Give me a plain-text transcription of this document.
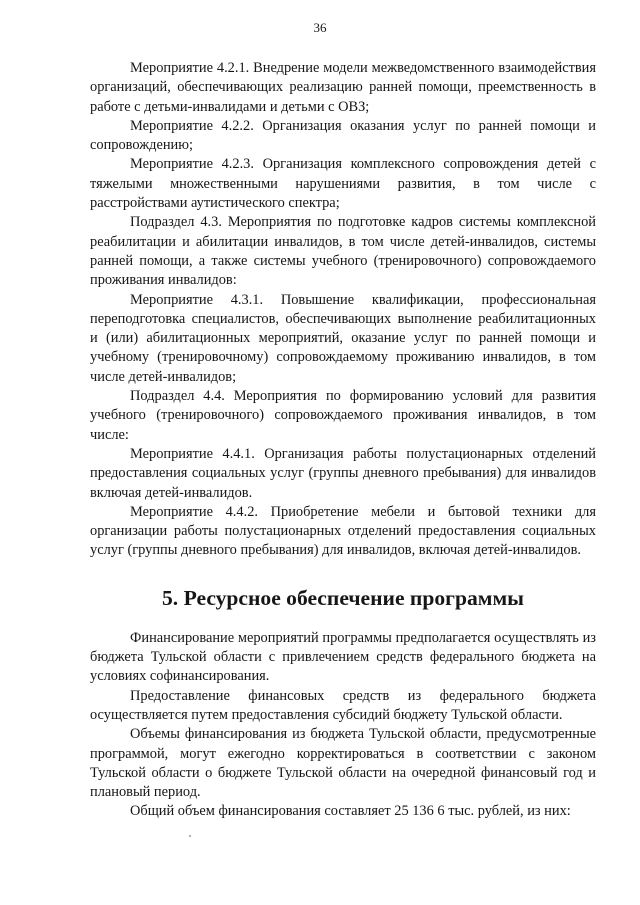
36

Мероприятие 4.2.1. Внедрение модели межведомственного взаимодействия организаций, обеспечивающих реализацию ранней помощи, преемственность в работе с детьми-инвалидами и детьми с ОВЗ;

Мероприятие 4.2.2. Организация оказания услуг по ранней помощи и сопровождению;

Мероприятие 4.2.3. Организация комплексного сопровождения детей с тяжелыми множественными нарушениями развития, в том числе с расстройствами аутистического спектра;

Подраздел 4.3. Мероприятия по подготовке кадров системы комплексной реабилитации и абилитации инвалидов, в том числе детей-инвалидов, системы ранней помощи, а также системы учебного (тренировочного) сопровождаемого проживания инвалидов:

Мероприятие 4.3.1. Повышение квалификации, профессиональная переподготовка специалистов, обеспечивающих выполнение реабилитационных и (или) абилитационных мероприятий, оказание услуг по ранней помощи и учебному (тренировочному) сопровождаемому проживанию инвалидов, в том числе детей-инвалидов;

Подраздел 4.4. Мероприятия по формированию условий для развития учебного (тренировочного) сопровождаемого проживания инвалидов, в том числе:

Мероприятие 4.4.1. Организация работы полустационарных отделений предоставления социальных услуг (группы дневного пребывания) для инвалидов включая детей-инвалидов.

Мероприятие 4.4.2. Приобретение мебели и бытовой техники для организации работы полустационарных отделений предоставления социальных услуг (группы дневного пребывания) для инвалидов, включая детей-инвалидов.

5. Ресурсное обеспечение программы

Финансирование мероприятий программы предполагается осуществлять из бюджета Тульской области с привлечением средств федерального бюджета на условиях софинансирования.

Предоставление финансовых средств из федерального бюджета осуществляется путем предоставления субсидий бюджету Тульской области.

Объемы финансирования из бюджета Тульской области, предусмотренные программой, могут ежегодно корректироваться в соответствии с законом Тульской области о бюджете Тульской области на очередной финансовый год и плановый период.

Общий объем финансирования составляет 25 136 6 тыс. рублей, из них:
